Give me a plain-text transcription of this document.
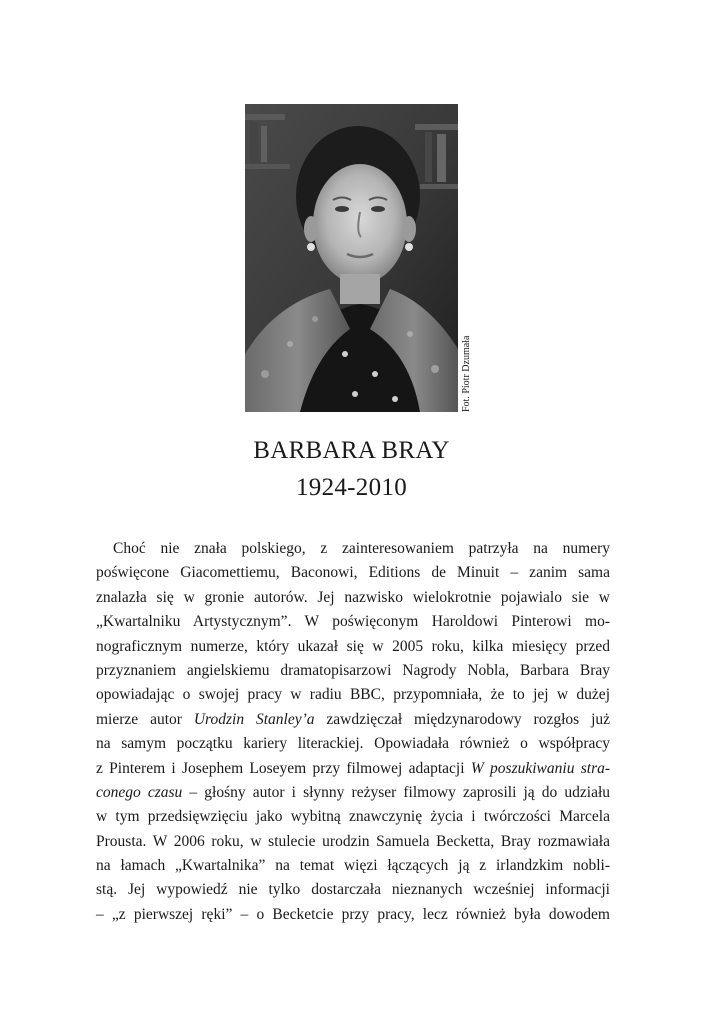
Fot. Piotr Dzumała
BARBARA BRAY
1924-2010
Choć nie znała polskiego, z zainteresowaniem patrzyła na numery
poświęcone Giacomettiemu, Baconowi, Editions de Minuit – zanim sama
znalazła się w gronie autorów. Jej nazwisko wielokrotnie pojawialo sie w
„Kwartalniku Artystycznym”. W poświęconym Haroldowi Pinterowi mo-
nograficznym numerze, który ukazał się w 2005 roku, kilka miesięcy przed
przyznaniem angielskiemu dramatopisarzowi Nagrody Nobla, Barbara Bray
opowiadając o swojej pracy w radiu BBC, przypomniała, że to jej w dużej
mierze autor Urodzin Stanley’a zawdzięczał międzynarodowy rozgłos już
na samym początku kariery literackiej. Opowiadała również o współpracy
z Pinterem i Josephem Loseyem przy filmowej adaptacji W poszukiwaniu stra-
conego czasu – głośny autor i słynny reżyser filmowy zaprosili ją do udziału
w tym przedsięwzięciu jako wybitną znawczynię życia i twórczości Marcela
Prousta. W 2006 roku, w stulecie urodzin Samuela Becketta, Bray rozmawiała
na łamach „Kwartalnika” na temat więzi łączących ją z irlandzkim nobli-
stą. Jej wypowiedź nie tylko dostarczała nieznanych wcześniej informacji
– „z pierwszej ręki” – o Becketcie przy pracy, lecz również była dowodem
